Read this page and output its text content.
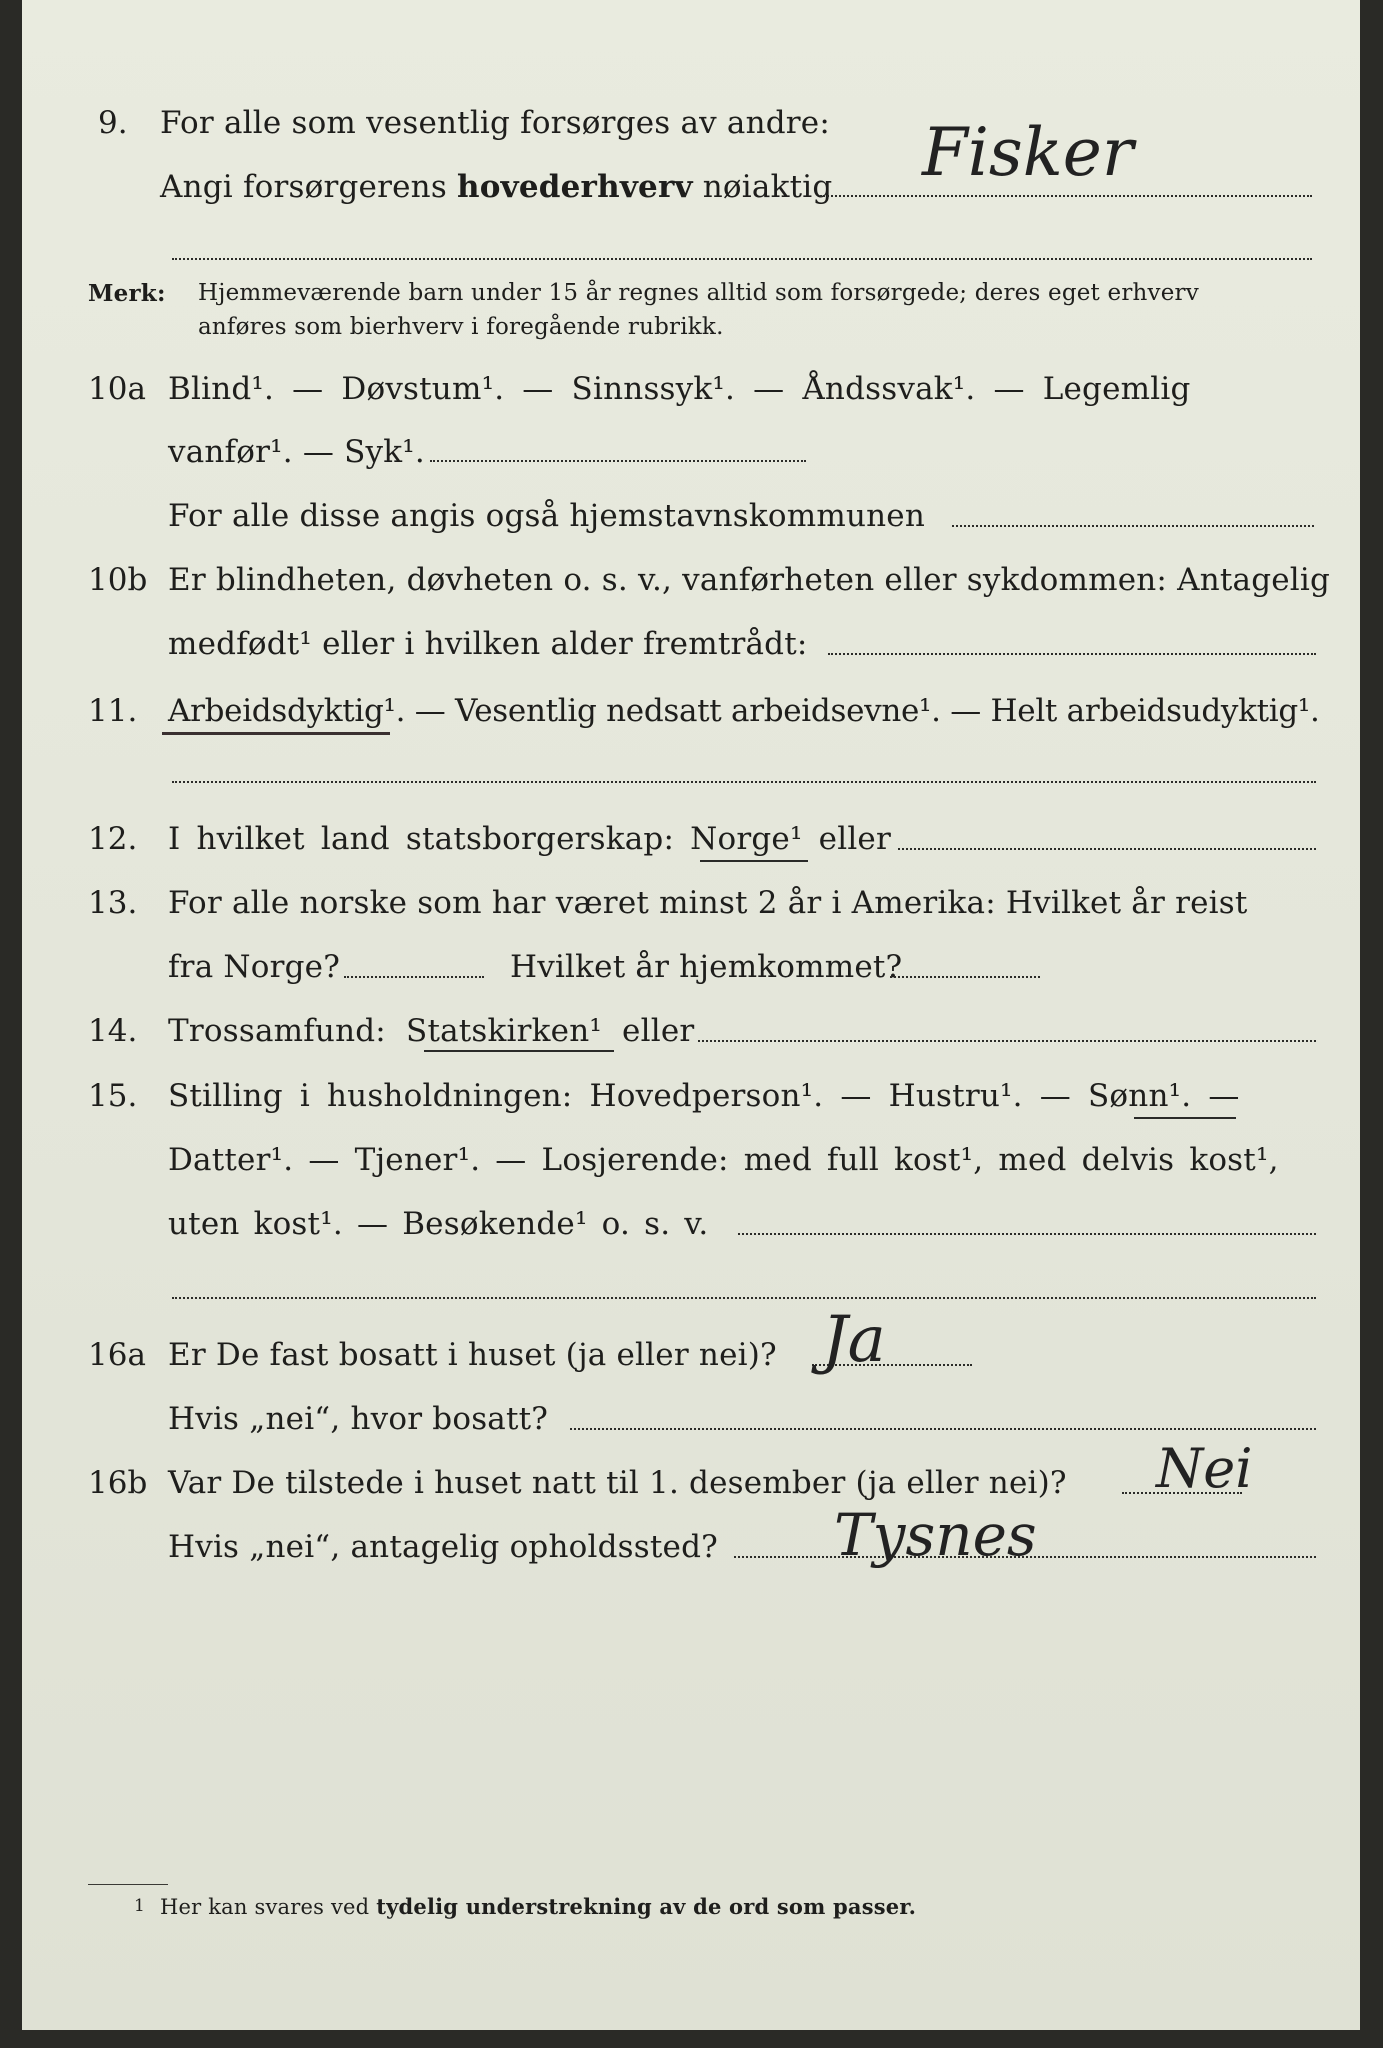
9. For alle som vesentlig forsørges av andre:
Angi forsørgerens hovederhverv nøiaktig Fisker
Merk: Hjemmeværende barn under 15 år regnes alltid som forsørgede; deres eget erhverv
anføres som bierhverv i foregående rubrikk.
10a Blind¹. — Døvstum¹. — Sinnssyk¹. — Åndssvak¹. — Legemlig
vanfør¹. — Syk¹.
For alle disse angis også hjemstavnskommunen
10b Er blindheten, døvheten o. s. v., vanførheten eller sykdommen: Antagelig
medfødt¹ eller i hvilken alder fremtrådt:
11. Arbeidsdyktig¹. — Vesentlig nedsatt arbeidsevne¹. — Helt arbeidsudyktig¹.
12. I hvilket land statsborgerskap: Norge¹ eller
13. For alle norske som har været minst 2 år i Amerika: Hvilket år reist
fra Norge?	Hvilket år hjemkommet?
14. Trossamfund: Statskirken¹ eller
15. Stilling i husholdningen: Hovedperson¹. — Hustru¹. — Sønn¹. —
Datter¹. — Tjener¹. — Losjerende: med full kost¹, med delvis kost¹,
uten kost¹. — Besøkende¹ o. s. v.
16a Er De fast bosatt i huset (ja eller nei)? Ja
Hvis „nei“, hvor bosatt?
16b Var De tilstede i huset natt til 1. desember (ja eller nei)? Nei
Hvis „nei“, antagelig opholdssted? Tysnes
1 Her kan svares ved tydelig understrekning av de ord som passer.
